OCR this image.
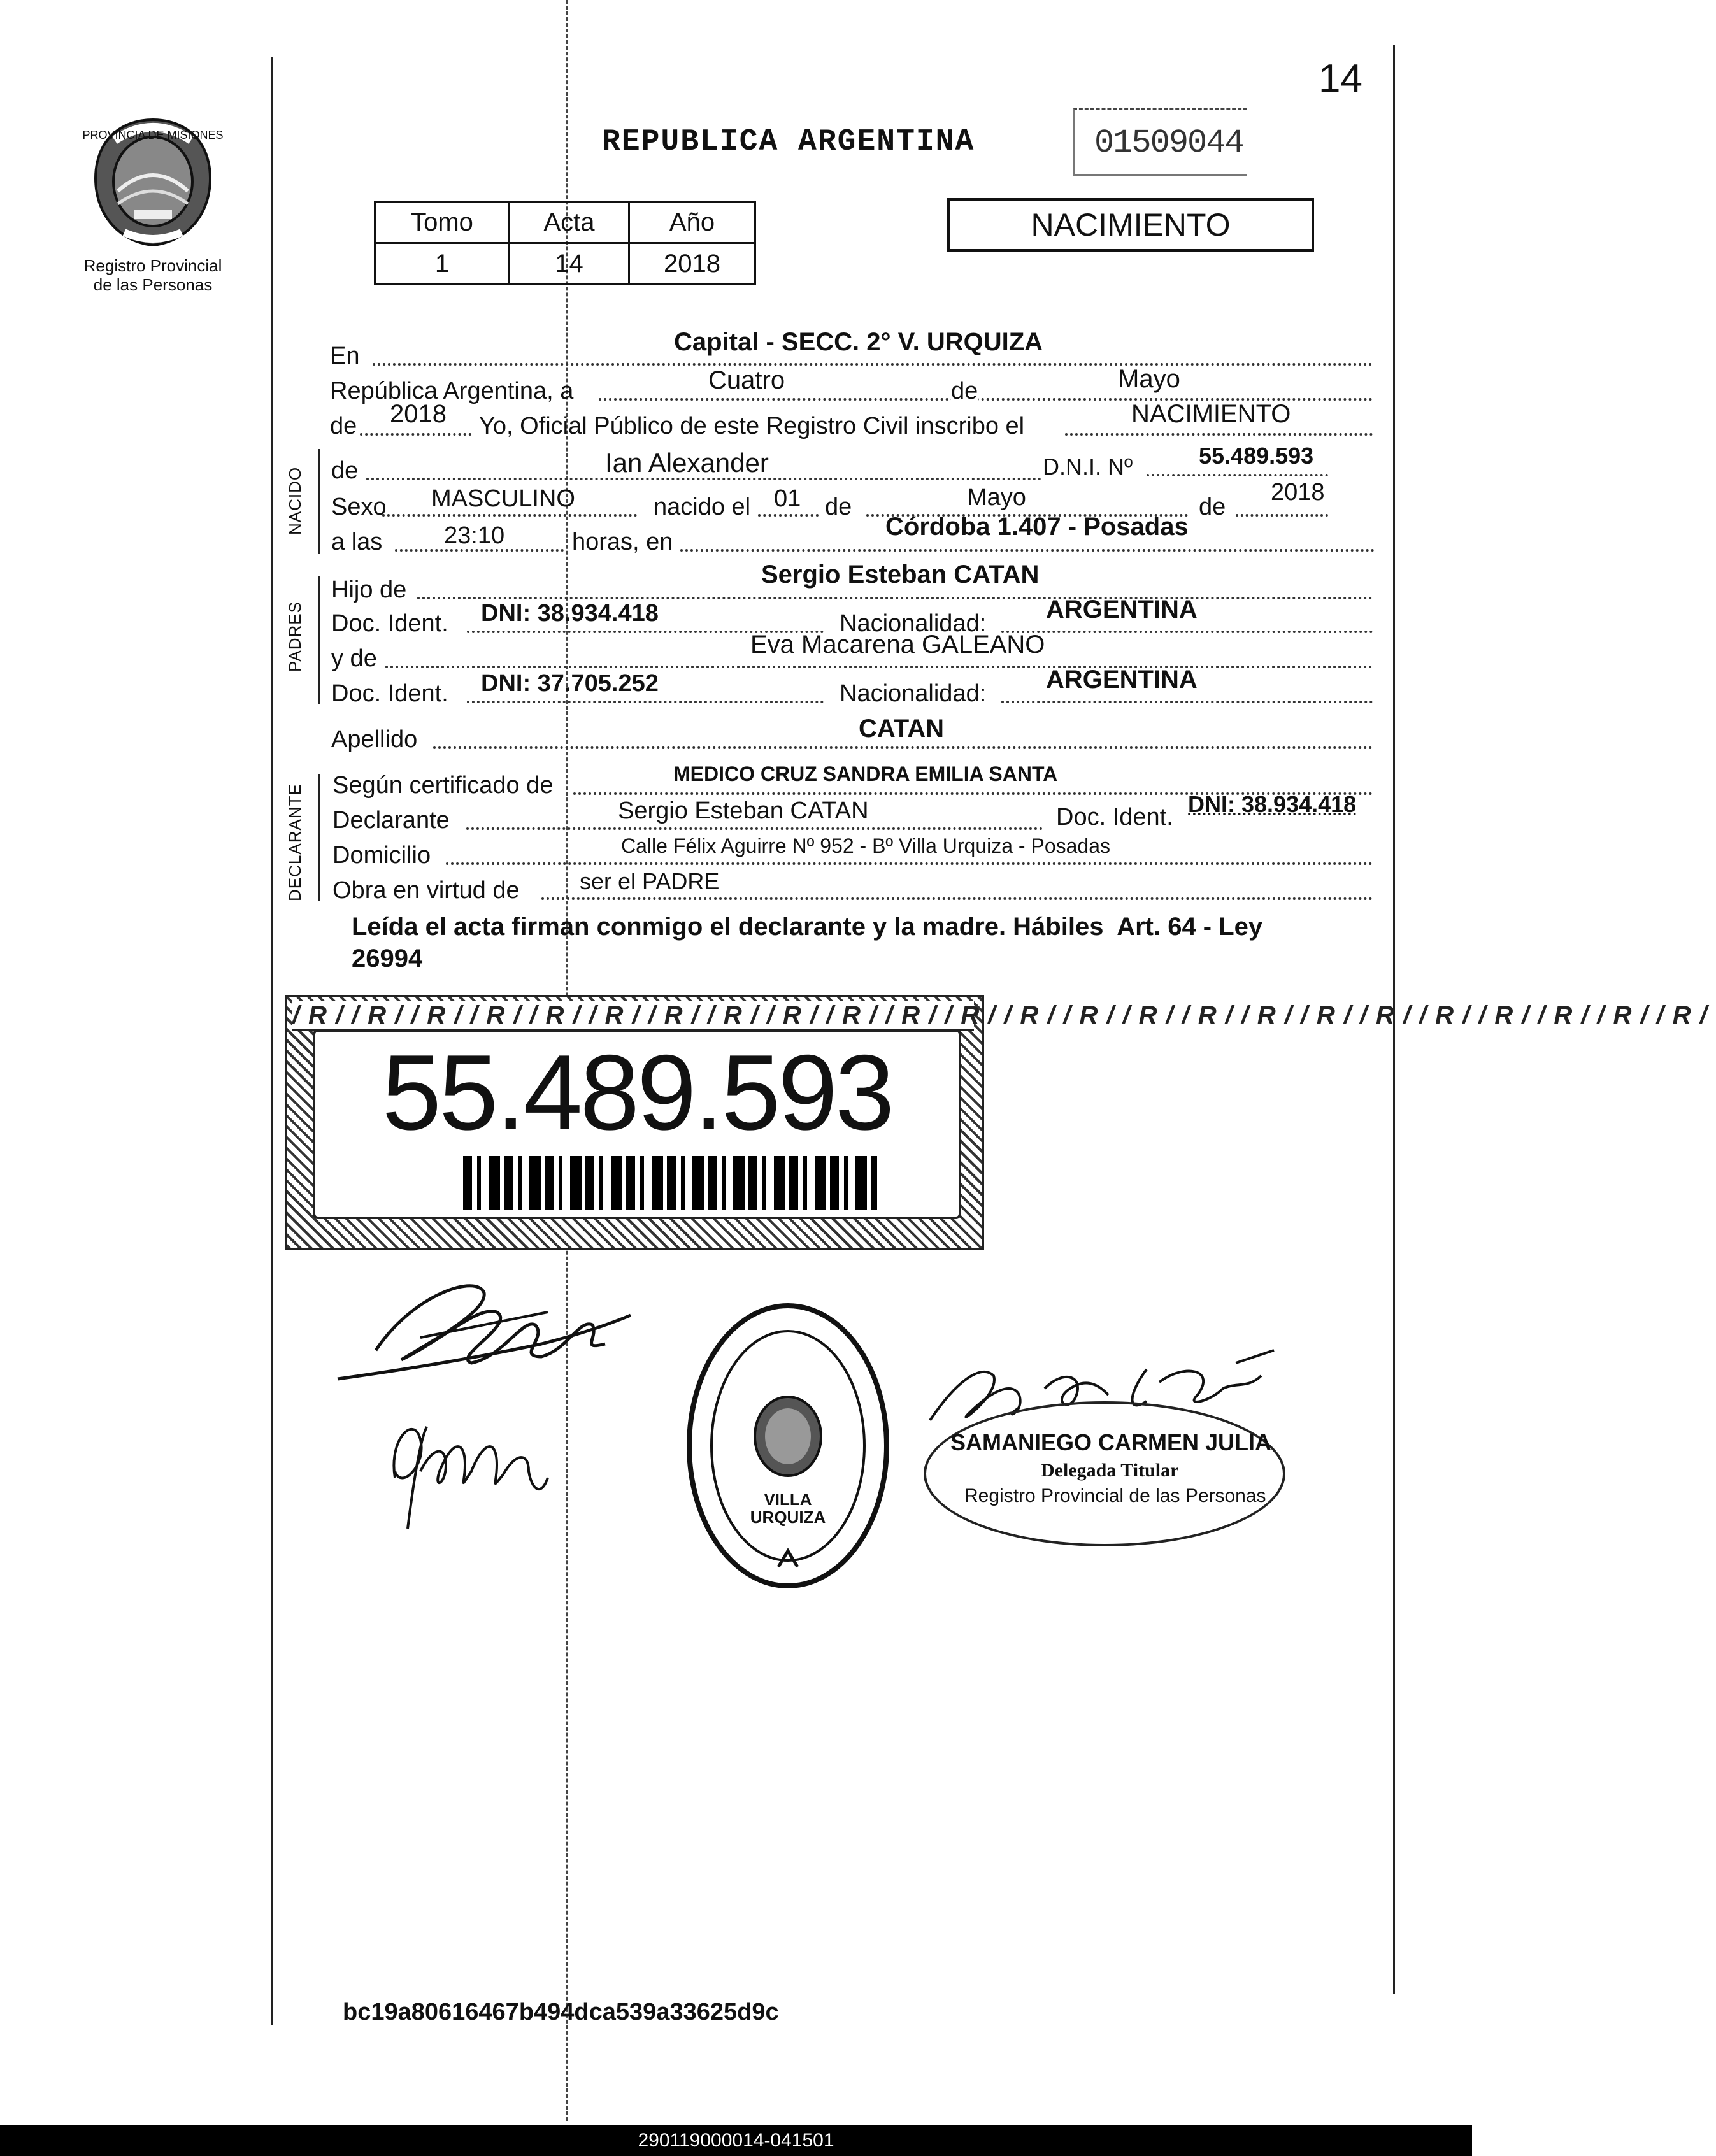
14
PROVINCIA DE MISIONES
Registro Provincial
de las Personas
REPUBLICA ARGENTINA	01509044
Tomo	Acta	Año
1	14	2018
NACIMIENTO
En	Capital - SECC. 2° V. URQUIZA
República Argentina, a	Cuatro	de	Mayo
de 2018 Yo, Oficial Público de este Registro Civil inscribo el	NACIMIENTO
NACIDO de	Ian Alexander	D.N.I. Nº	55.489.593
Sexo MASCULINO	nacido el 01 de	Mayo	de
2018
a las	23:10	horas, en
Córdoba 1.407 - Posadas
PADRES
Hijo de
Sergio Esteban CATAN
Doc. Ident. DNI: 38.934.418	Nacionalidad: ARGENTINA
y de	Eva Macarena GALEANO
Doc. Ident. DNI: 37.705.252	Nacionalidad: ARGENTINA
Apellido	CATAN
DECLARANTE Según certificado de	MEDICO CRUZ SANDRA EMILIA SANTA
Declarante	Sergio Esteban CATAN	Doc. Ident. DNI: 38.934.418
Domicilio	Calle Félix Aguirre Nº 952 - Bº Villa Urquiza - Posadas
Obra en virtud de	ser el PADRE
Leída el acta firman conmigo el declarante y la madre. Hábiles  Art. 64 - Ley
26994
/R//R//R//R//R//R//R//R//R//R//R//R//R//R//R//R//R//R//R//R//R//R//R//R/
55.489.593
VILLA URQUIZA
SAMANIEGO CARMEN JULIA
Delegada Titular
Registro Provincial de las Personas
bc19a80616467b494dca539a33625d9c
290119000014-041501
